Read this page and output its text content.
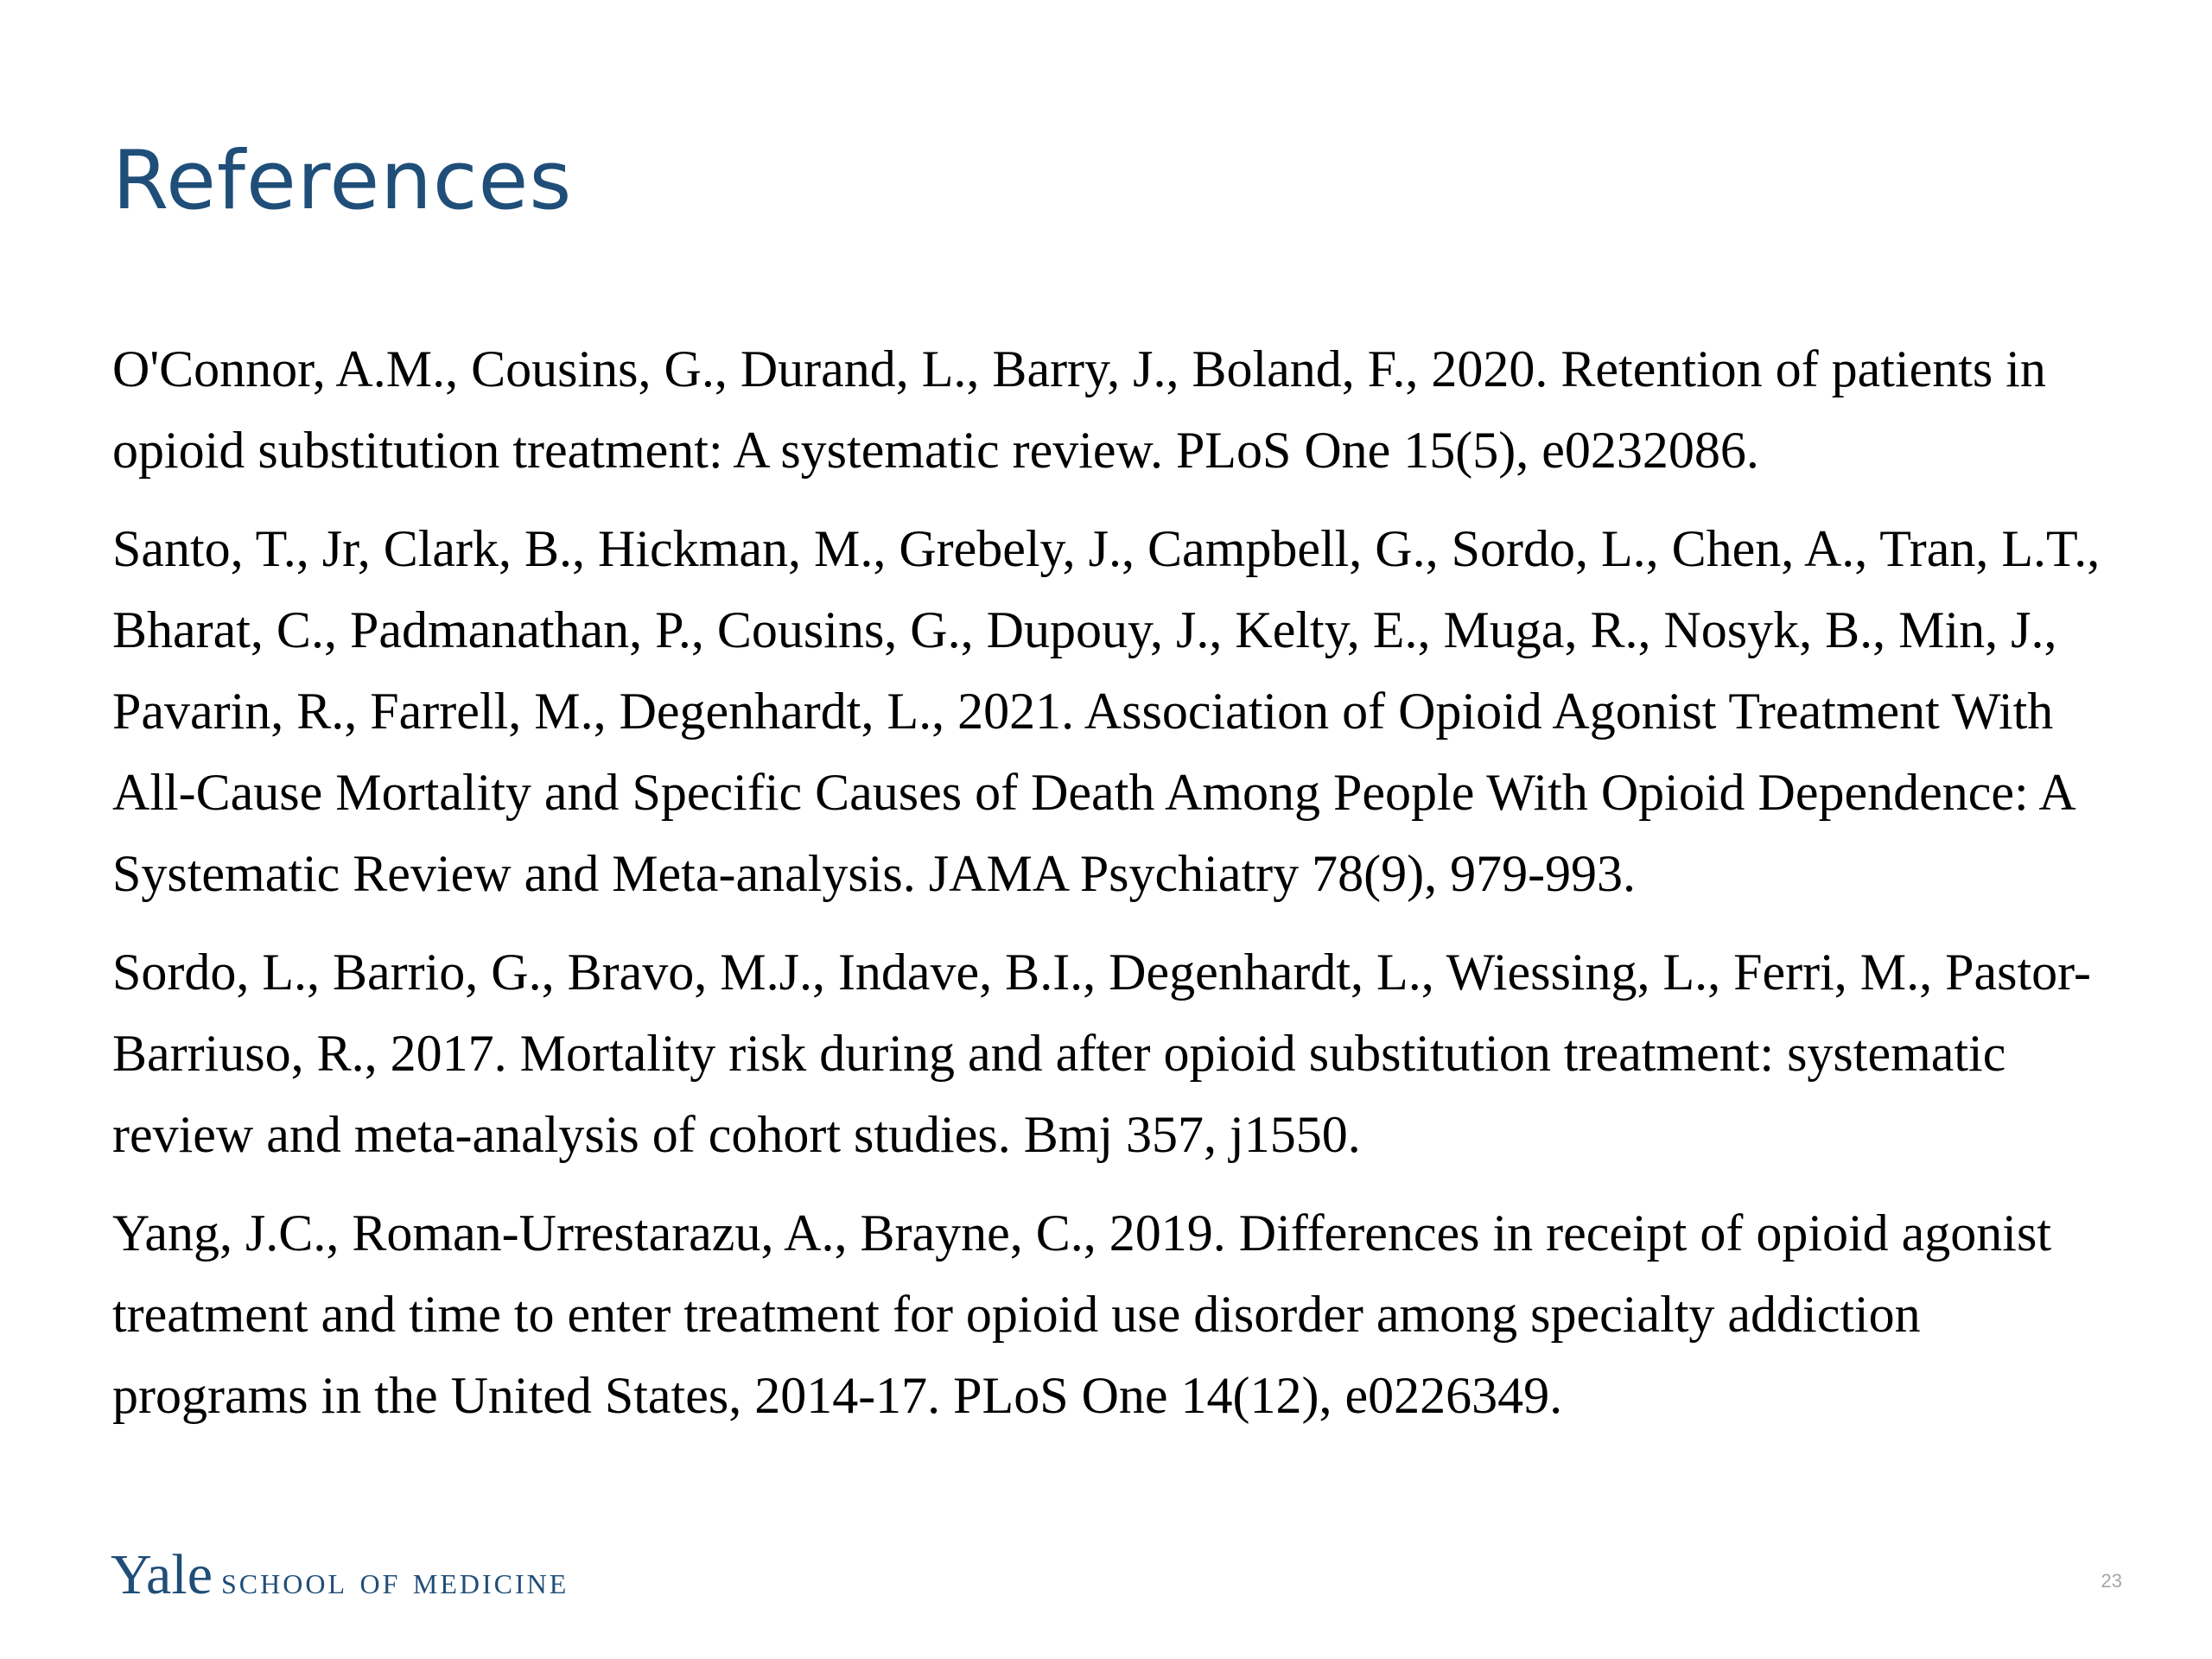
References
O'Connor, A.M., Cousins, G., Durand, L., Barry, J., Boland, F., 2020. Retention of patients in opioid substitution treatment: A systematic review. PLoS One 15(5), e0232086.
Santo, T., Jr, Clark, B., Hickman, M., Grebely, J., Campbell, G., Sordo, L., Chen, A., Tran, L.T., Bharat, C., Padmanathan, P., Cousins, G., Dupouy, J., Kelty, E., Muga, R., Nosyk, B., Min, J., Pavarin, R., Farrell, M., Degenhardt, L., 2021. Association of Opioid Agonist Treatment With All-Cause Mortality and Specific Causes of Death Among People With Opioid Dependence: A Systematic Review and Meta-analysis. JAMA Psychiatry 78(9), 979-993.
Sordo, L., Barrio, G., Bravo, M.J., Indave, B.I., Degenhardt, L., Wiessing, L., Ferri, M., Pastor-Barriuso, R., 2017. Mortality risk during and after opioid substitution treatment: systematic review and meta-analysis of cohort studies. Bmj 357, j1550.
Yang, J.C., Roman-Urrestarazu, A., Brayne, C., 2019. Differences in receipt of opioid agonist treatment and time to enter treatment for opioid use disorder among specialty addiction programs in the United States, 2014-17. PLoS One 14(12), e0226349.
Yale school of medicine	23
